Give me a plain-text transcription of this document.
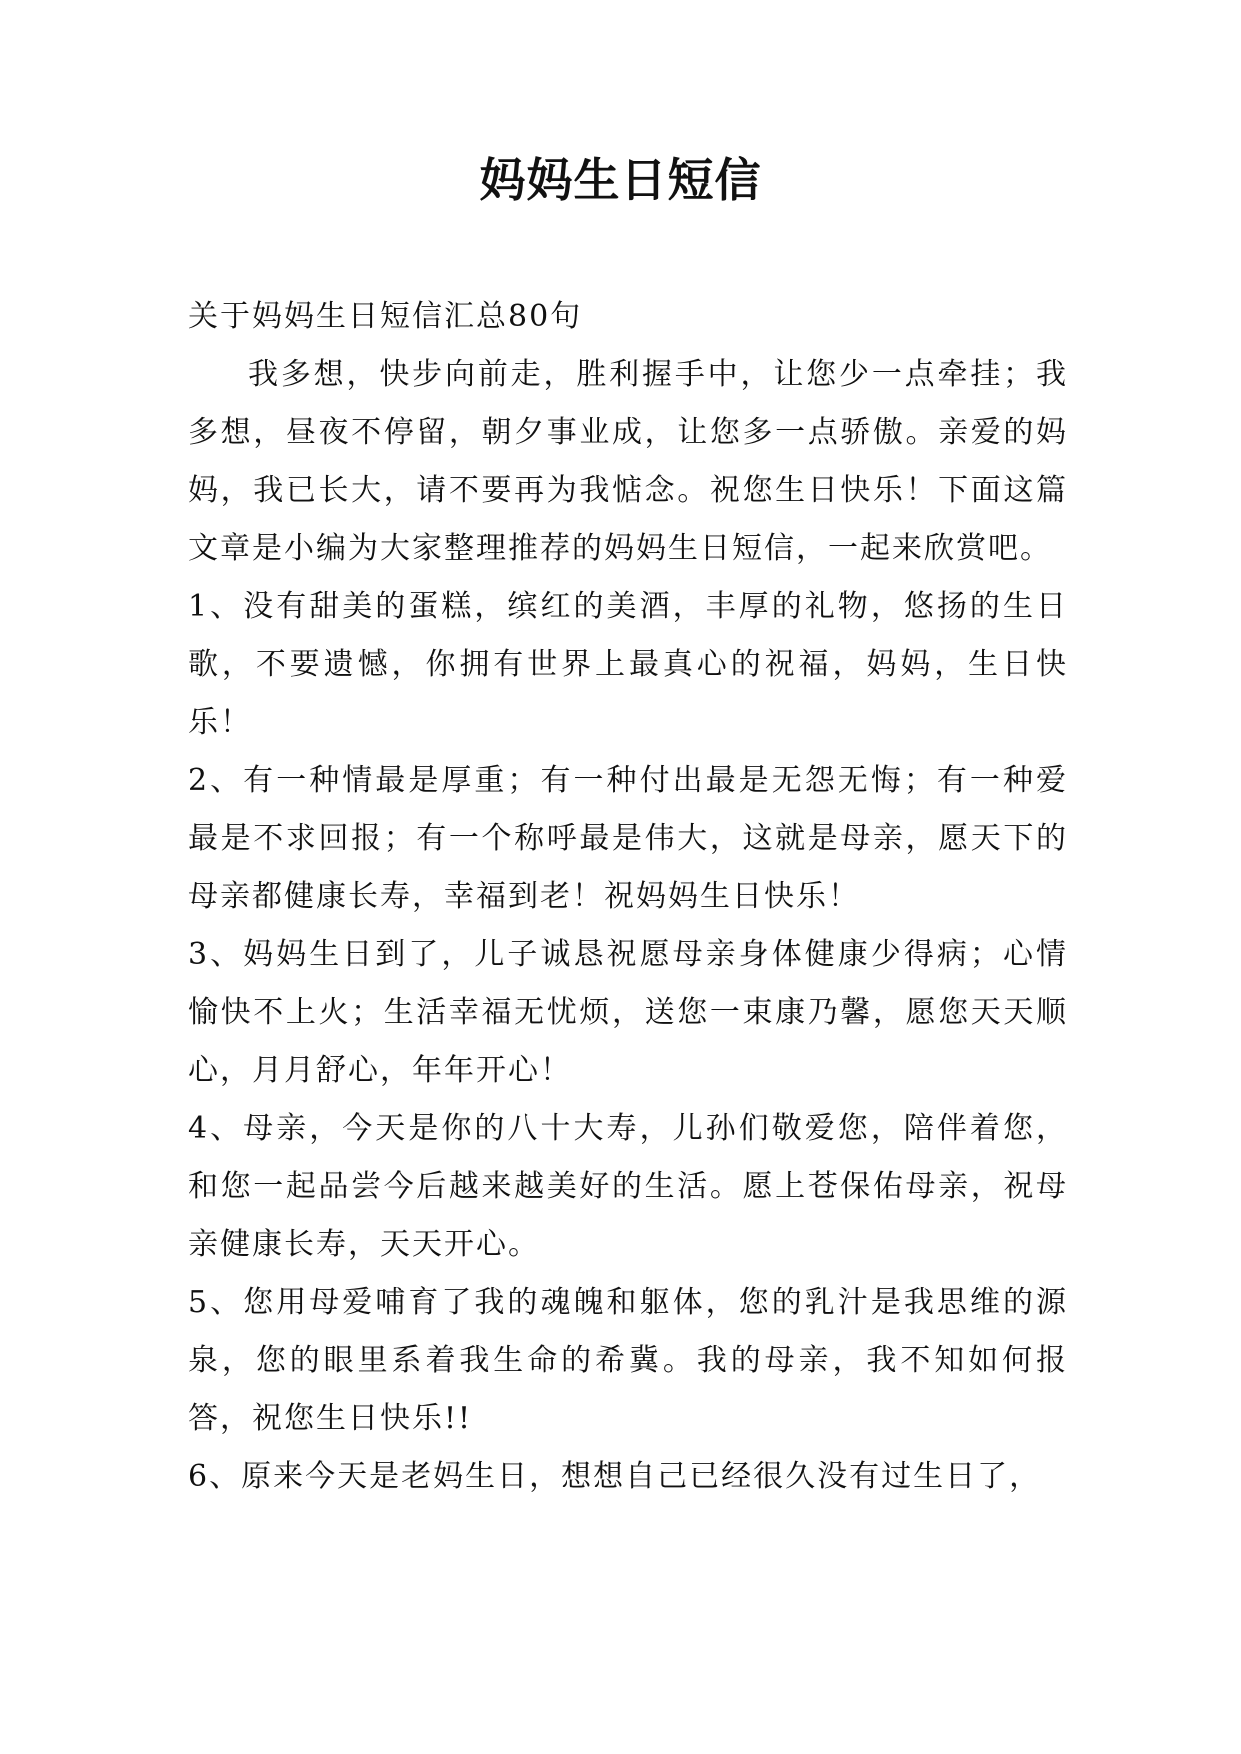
妈妈生日短信

关于妈妈生日短信汇总80句

我多想，快步向前走，胜利握手中，让您少一点牵挂；我多想，昼夜不停留，朝夕事业成，让您多一点骄傲。亲爱的妈妈，我已长大，请不要再为我惦念。祝您生日快乐！下面这篇文章是小编为大家整理推荐的妈妈生日短信，一起来欣赏吧。

1、没有甜美的蛋糕，缤红的美酒，丰厚的礼物，悠扬的生日歌，不要遗憾，你拥有世界上最真心的祝福，妈妈，生日快乐！

2、有一种情最是厚重；有一种付出最是无怨无悔；有一种爱最是不求回报；有一个称呼最是伟大，这就是母亲，愿天下的母亲都健康长寿，幸福到老！祝妈妈生日快乐！

3、妈妈生日到了，儿子诚恳祝愿母亲身体健康少得病；心情愉快不上火；生活幸福无忧烦，送您一束康乃馨，愿您天天顺心，月月舒心，年年开心！

4、母亲，今天是你的八十大寿，儿孙们敬爱您，陪伴着您，和您一起品尝今后越来越美好的生活。愿上苍保佑母亲，祝母亲健康长寿，天天开心。

5、您用母爱哺育了我的魂魄和躯体，您的乳汁是我思维的源泉，您的眼里系着我生命的希冀。我的母亲，我不知如何报答，祝您生日快乐!!

6、原来今天是老妈生日，想想自己已经很久没有过生日了，
